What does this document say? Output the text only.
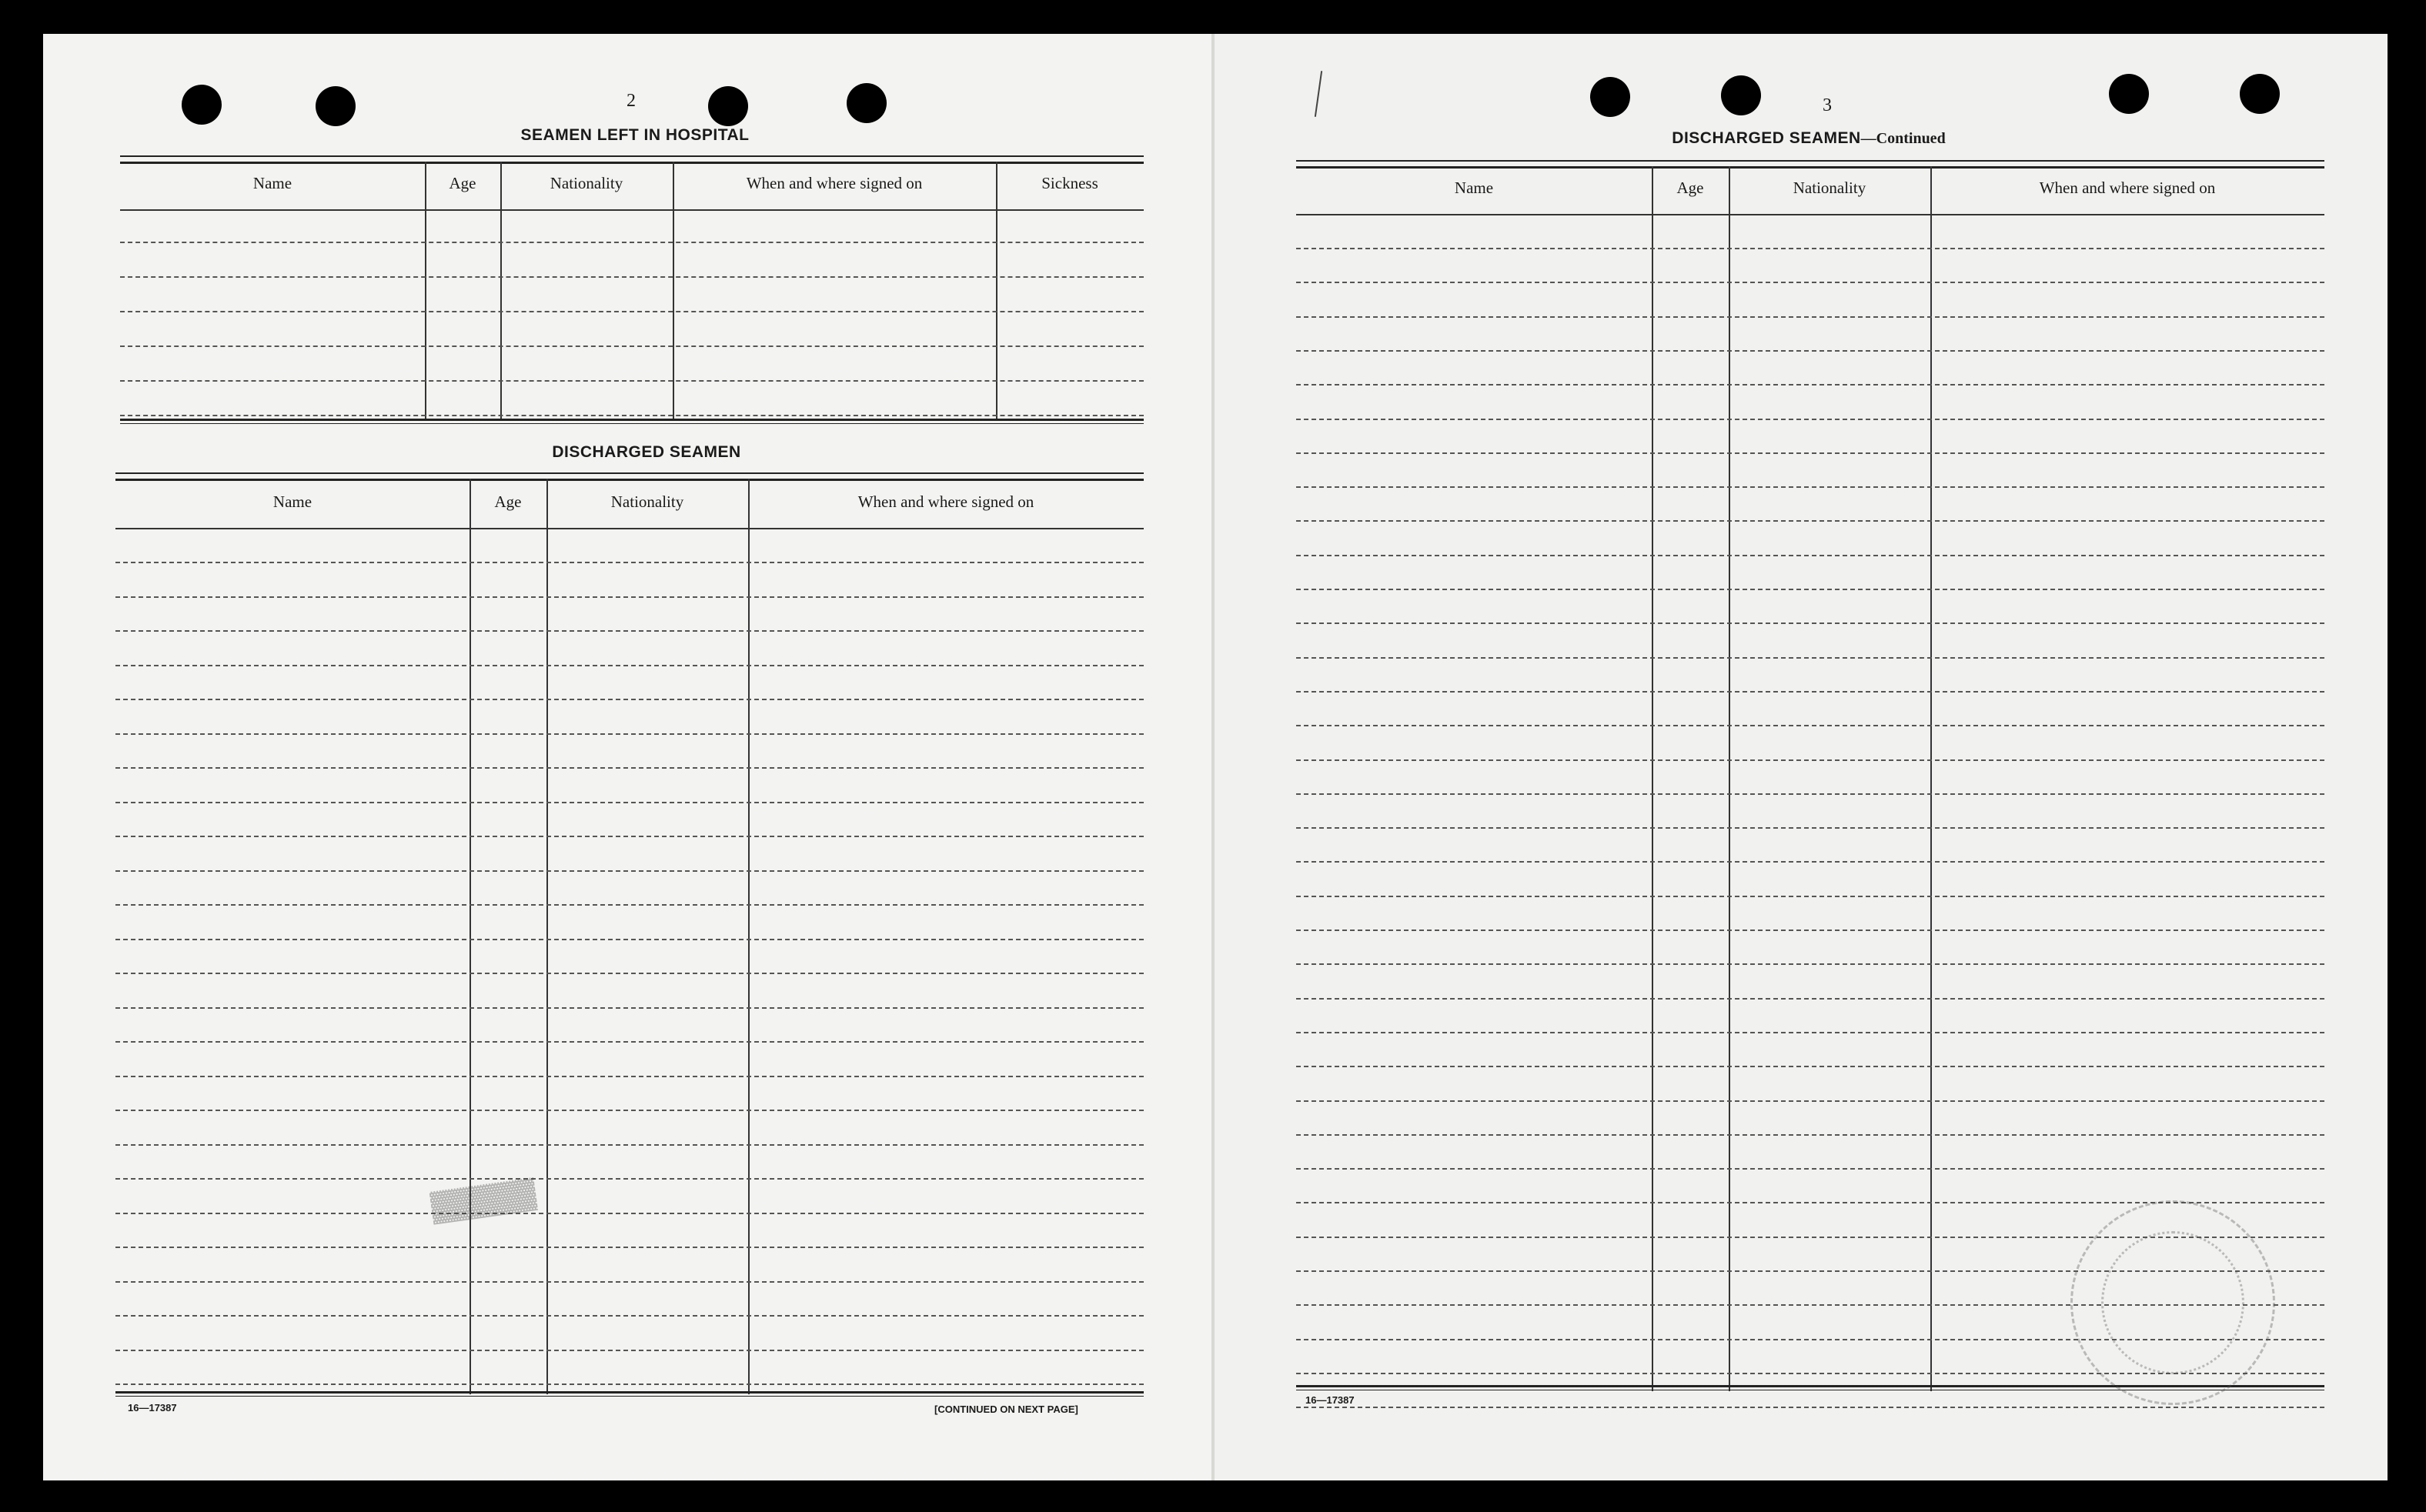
2
SEAMEN LEFT IN HOSPITAL
Name	Age	Nationality	When and where signed on	Sickness
DISCHARGED SEAMEN
Name	Age	Nationality	When and where signed on
▓▓▓▓▓▓
16—17387	[CONTINUED ON NEXT PAGE]
3
DISCHARGED SEAMEN—Continued
Name	Age	Nationality	When and where signed on
16—17387
